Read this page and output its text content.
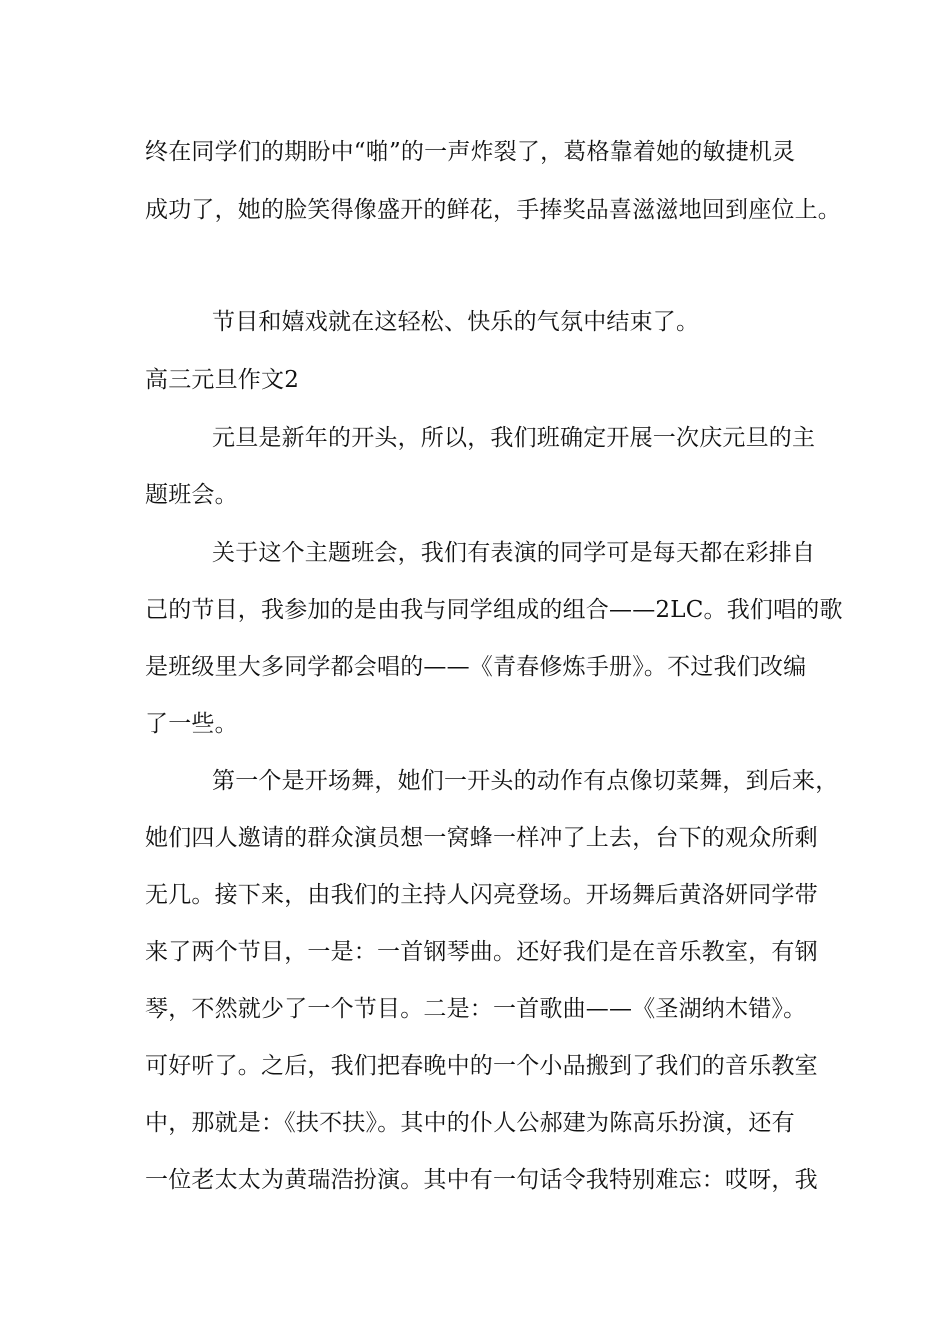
终在同学们的期盼中“啪”的一声炸裂了，葛格靠着她的敏捷机灵

成功了，她的脸笑得像盛开的鲜花，手捧奖品喜滋滋地回到座位上。

节目和嬉戏就在这轻松、快乐的气氛中结束了。

高三元旦作文2

元旦是新年的开头，所以，我们班确定开展一次庆元旦的主

题班会。

关于这个主题班会，我们有表演的同学可是每天都在彩排自

己的节目，我参加的是由我与同学组成的组合——2LC。我们唱的歌

是班级里大多同学都会唱的——《青春修炼手册》。不过我们改编

了一些。

第一个是开场舞，她们一开头的动作有点像切菜舞，到后来，

她们四人邀请的群众演员想一窝蜂一样冲了上去，台下的观众所剩

无几。接下来，由我们的主持人闪亮登场。开场舞后黄洛妍同学带

来了两个节目，一是：一首钢琴曲。还好我们是在音乐教室，有钢

琴，不然就少了一个节目。二是：一首歌曲——《圣湖纳木错》。

可好听了。之后，我们把春晚中的一个小品搬到了我们的音乐教室

中，那就是：《扶不扶》。其中的仆人公郝建为陈高乐扮演，还有

一位老太太为黄瑞浩扮演。其中有一句话令我特别难忘：哎呀，我
